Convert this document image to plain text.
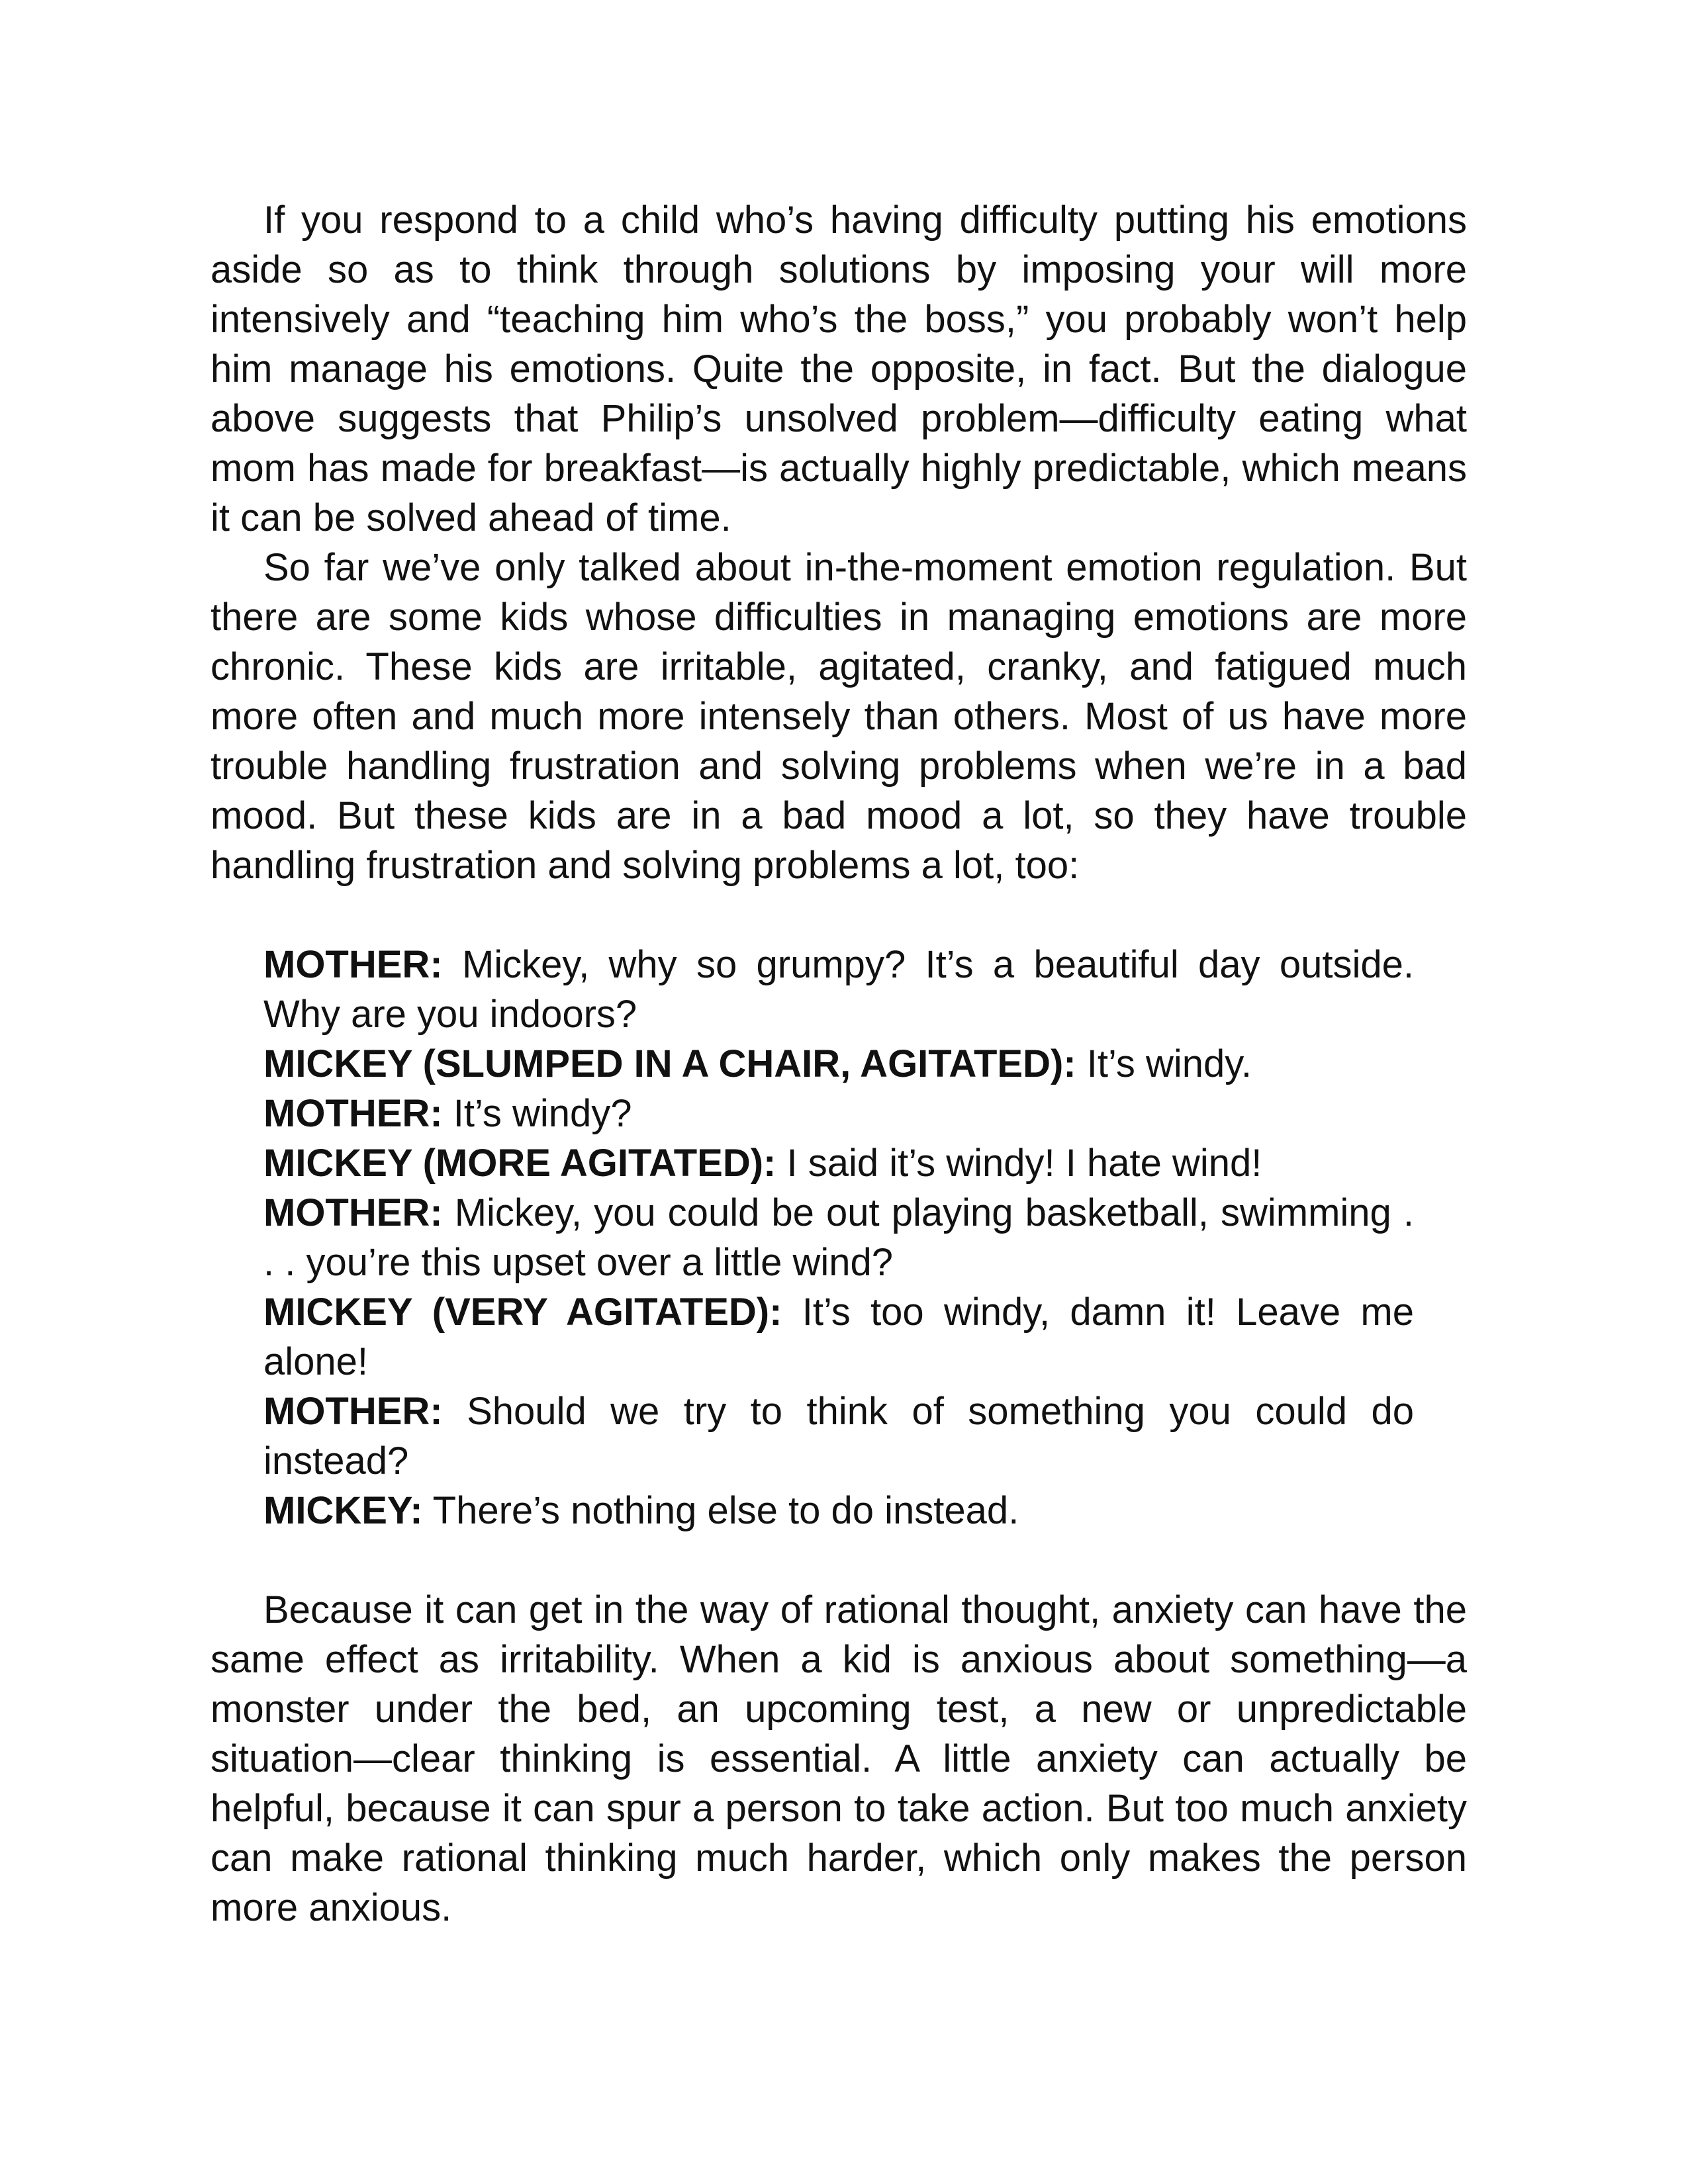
If you respond to a child who’s having difficulty putting his emotions aside so as to think through solutions by imposing your will more intensively and “teaching him who’s the boss,” you probably won’t help him manage his emotions. Quite the opposite, in fact. But the dialogue above suggests that Philip’s unsolved problem—difficulty eating what mom has made for breakfast—is actually highly predictable, which means it can be solved ahead of time.

So far we’ve only talked about in-the-moment emotion regulation. But there are some kids whose difficulties in managing emotions are more chronic. These kids are irritable, agitated, cranky, and fatigued much more often and much more intensely than others. Most of us have more trouble handling frustration and solving problems when we’re in a bad mood. But these kids are in a bad mood a lot, so they have trouble handling frustration and solving problems a lot, too:

MOTHER: Mickey, why so grumpy? It’s a beautiful day outside. Why are you indoors?

MICKEY (SLUMPED IN A CHAIR, AGITATED): It’s windy.

MOTHER: It’s windy?

MICKEY (MORE AGITATED): I said it’s windy! I hate wind!

MOTHER: Mickey, you could be out playing basketball, swimming . . . you’re this upset over a little wind?

MICKEY (VERY AGITATED): It’s too windy, damn it! Leave me alone!

MOTHER: Should we try to think of something you could do instead?

MICKEY: There’s nothing else to do instead.

Because it can get in the way of rational thought, anxiety can have the same effect as irritability. When a kid is anxious about something—a monster under the bed, an upcoming test, a new or unpredictable situation—clear thinking is essential. A little anxiety can actually be helpful, because it can spur a person to take action. But too much anxiety can make rational thinking much harder, which only makes the person more anxious.
